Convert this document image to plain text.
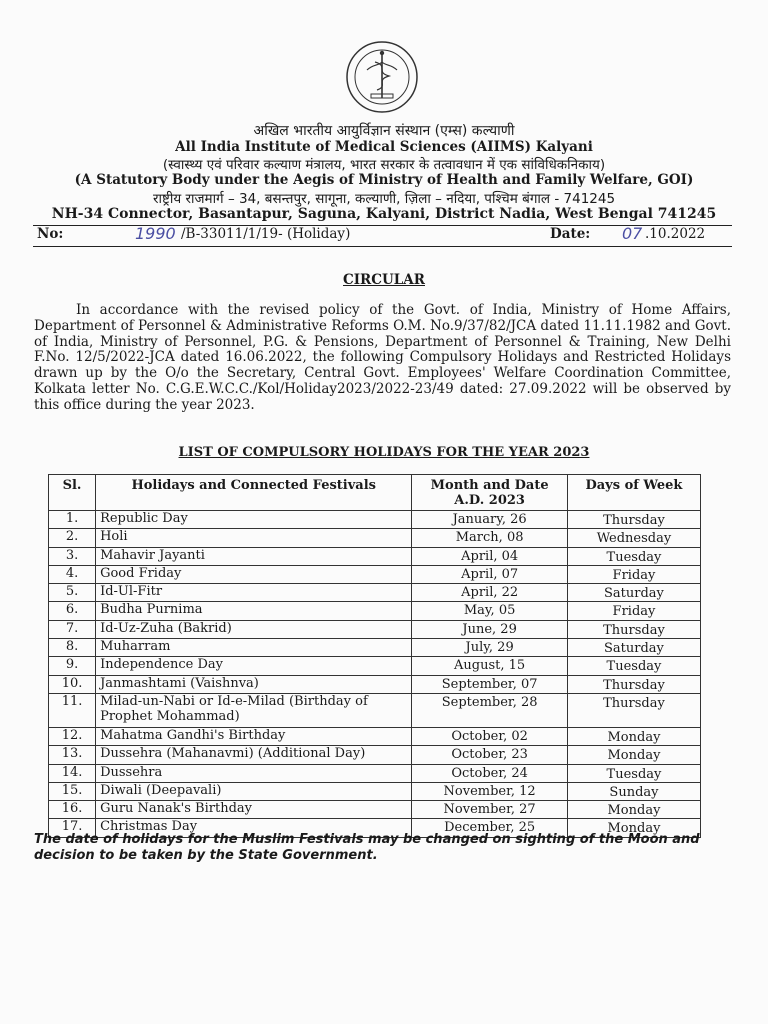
अखिल भारतीय आयुर्विज्ञान संस्थान (एम्स) कल्याणी
All India Institute of Medical Sciences (AIIMS) Kalyani
(स्वास्थ्य एवं परिवार कल्याण मंत्रालय, भारत सरकार के तत्वावधान में एक सांविधिकनिकाय)
(A Statutory Body under the Aegis of Ministry of Health and Family Welfare, GOI)
राष्ट्रीय राजमार्ग – 34, बसन्तपुर, सागूना, कल्याणी, ज़िला – नदिया, पश्चिम बंगाल - 741245
NH-34 Connector, Basantapur, Saguna, Kalyani, District Nadia, West Bengal 741245
No:	1990 /B-33011/1/19- (Holiday)	Date: 07 .10.2022
CIRCULAR

In accordance with the revised policy of the Govt. of India, Ministry of Home Affairs, Department of Personnel & Administrative Reforms O.M. No.9/37/82/JCA dated 11.11.1982 and Govt. of India, Ministry of Personnel, P.G. & Pensions, Department of Personnel & Training, New Delhi F.No. 12/5/2022-JCA dated 16.06.2022, the following Compulsory Holidays and Restricted Holidays drawn up by the O/o the Secretary, Central Govt. Employees' Welfare Coordination Committee, Kolkata letter No. C.G.E.W.C.C./Kol/Holiday2023/2022-23/49 dated: 27.09.2022 will be observed by this office during the year 2023.

LIST OF COMPULSORY HOLIDAYS FOR THE YEAR 2023
Sl.	Holidays and Connected Festivals	Month and Date A.D. 2023	Days of Week
1.	Republic Day	January, 26	Thursday
2.	Holi	March, 08	Wednesday
3.	Mahavir Jayanti	April, 04	Tuesday
4.	Good Friday	April, 07	Friday
5.	Id-Ul-Fitr	April, 22	Saturday
6.	Budha Purnima	May, 05	Friday
7.	Id-Uz-Zuha (Bakrid)	June, 29	Thursday
8.	Muharram	July, 29	Saturday
9.	Independence Day	August, 15	Tuesday
10.	Janmashtami (Vaishnva)	September, 07	Thursday
11.	Milad-un-Nabi or Id-e-Milad (Birthday of Prophet Mohammad)	September, 28	Thursday
12.	Mahatma Gandhi's Birthday	October, 02	Monday
13.	Dussehra (Mahanavmi) (Additional Day)	October, 23	Monday
14.	Dussehra	October, 24	Tuesday
15.	Diwali (Deepavali)	November, 12	Sunday
16.	Guru Nanak's Birthday	November, 27	Monday
17.	Christmas Day	December, 25	Monday

The date of holidays for the Muslim Festivals may be changed on sighting of the Moon and decision to be taken by the State Government.
